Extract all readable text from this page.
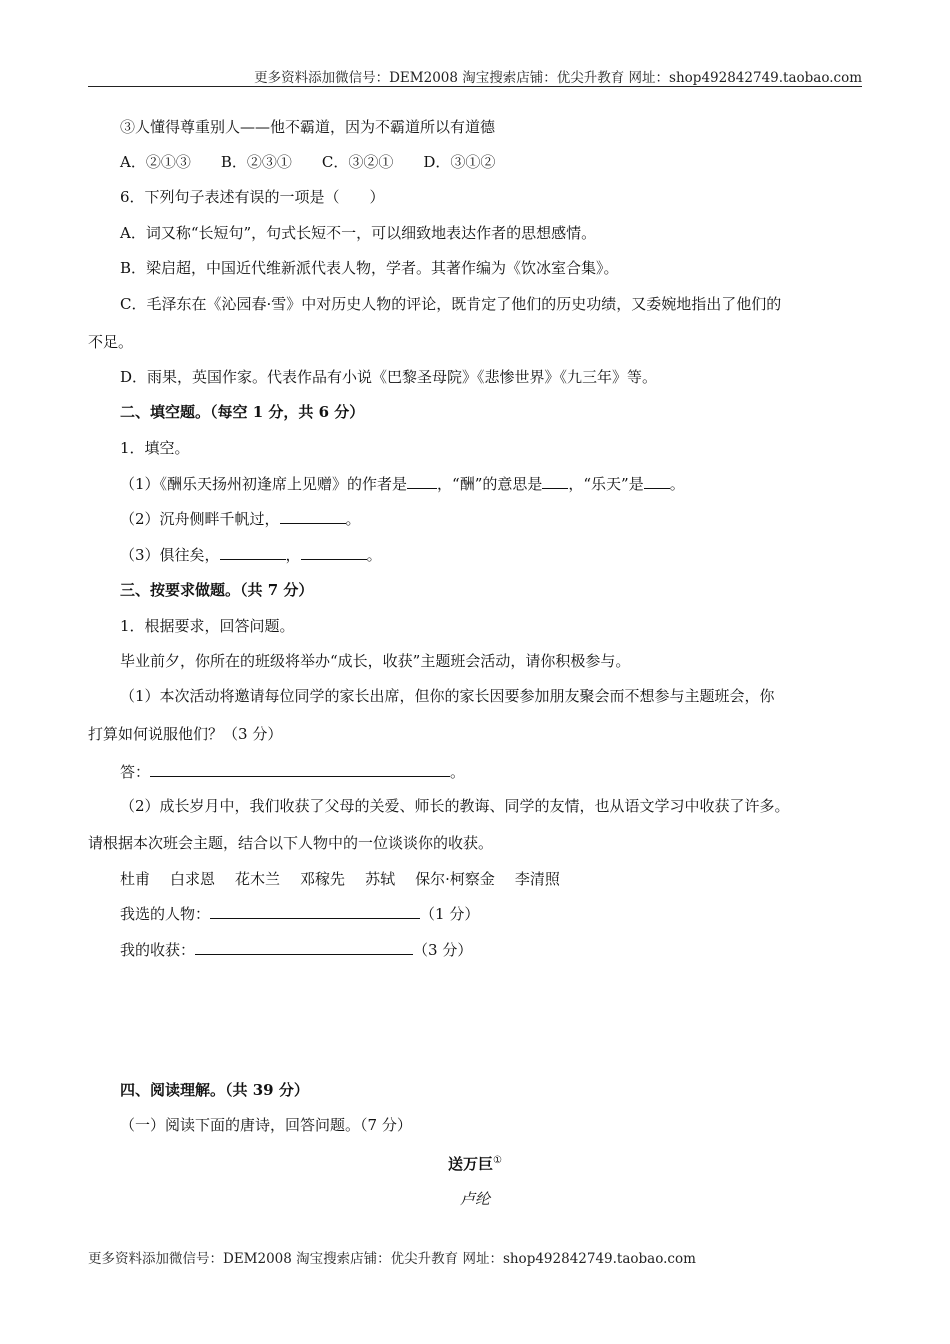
更多资料添加微信号：DEM2008 淘宝搜索店铺：优尖升教育 网址：shop492842749.taobao.com
③人懂得尊重别人——他不霸道，因为不霸道所以有道德
A．②①③ B．②③① C．③②① D．③①②
6．下列句子表述有误的一项是（　　）
A．词又称“长短句”，句式长短不一，可以细致地表达作者的思想感情。
B．梁启超，中国近代维新派代表人物，学者。其著作编为《饮冰室合集》。
C．毛泽东在《沁园春·雪》中对历史人物的评论，既肯定了他们的历史功绩，又委婉地指出了他们的
不足。
D．雨果，英国作家。代表作品有小说《巴黎圣母院》《悲惨世界》《九三年》等。
二、填空题。（每空 1 分，共 6 分）
1．填空。
（1）《酬乐天扬州初逢席上见赠》的作者是 ，“酬”的意思是 ，“乐天”是 。
（2）沉舟侧畔千帆过，	。
（3）俱往矣，	，	。
三、按要求做题。（共 7 分）
1．根据要求，回答问题。
毕业前夕，你所在的班级将举办“成长，收获”主题班会活动，请你积极参与。
（1）本次活动将邀请每位同学的家长出席，但你的家长因要参加朋友聚会而不想参与主题班会，你
打算如何说服他们？（3 分）
答：	。
（2）成长岁月中，我们收获了父母的关爱、师长的教诲、同学的友情，也从语文学习中收获了许多。
请根据本次班会主题，结合以下人物中的一位谈谈你的收获。
杜甫 白求恩 花木兰 邓稼先 苏轼 保尔·柯察金 李清照
我选的人物：	（1 分）
我的收获：	（3 分）
四、阅读理解。（共 39 分）
（一）阅读下面的唐诗，回答问题。（7 分）
送万巨①
卢纶
更多资料添加微信号：DEM2008 淘宝搜索店铺：优尖升教育 网址：shop492842749.taobao.com
